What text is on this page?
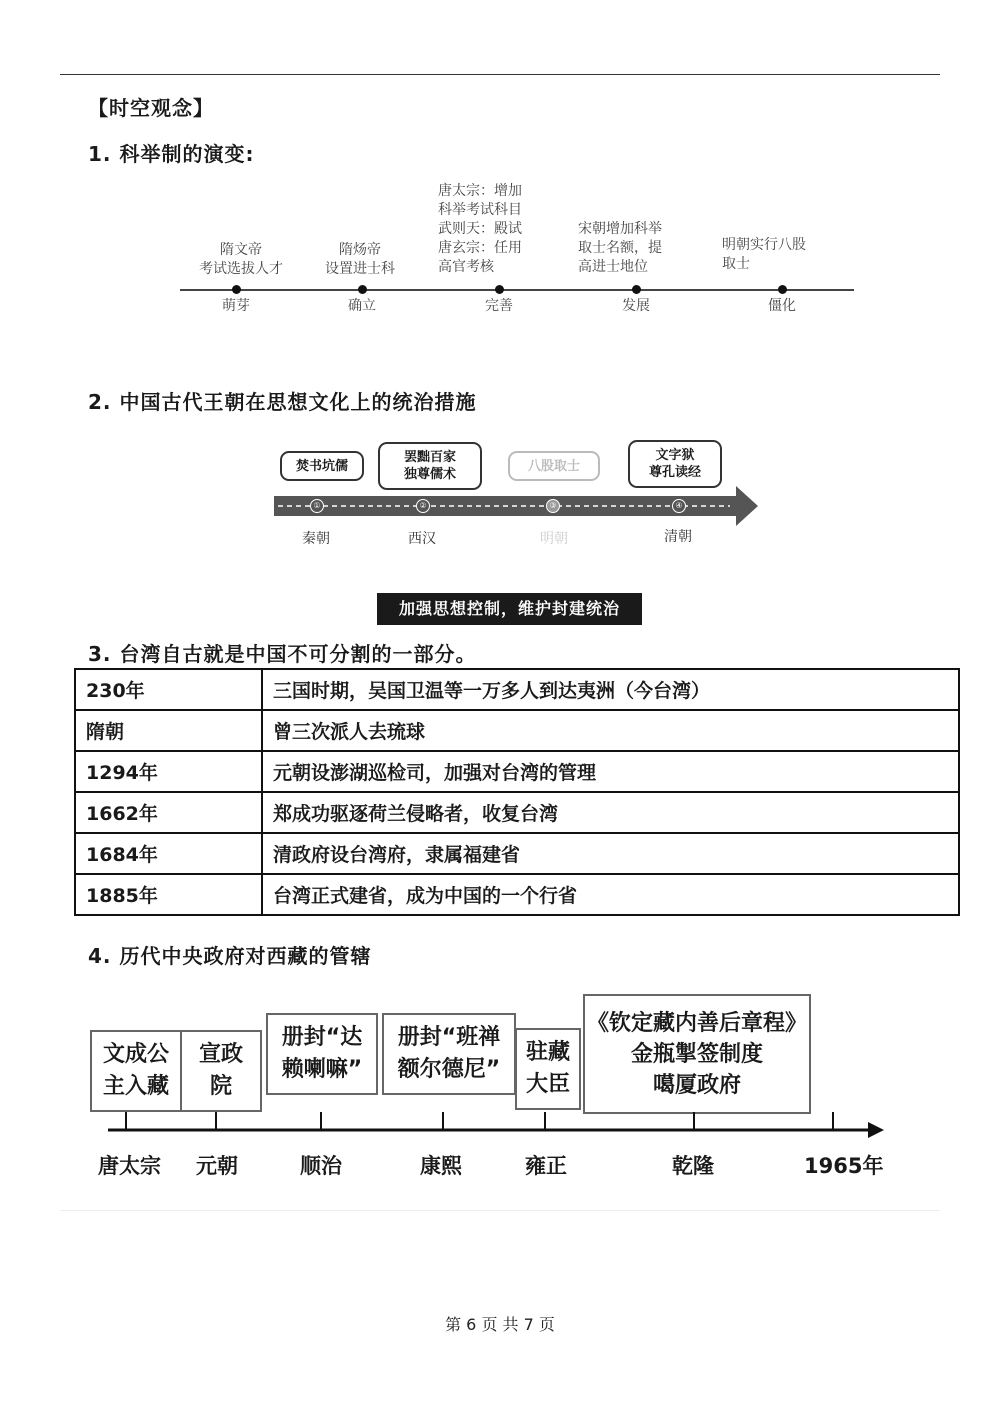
【时空观念】
1. 科举制的演变:
隋文帝
考试选拔人才
萌芽
隋炀帝
设置进士科
确立
唐太宗：增加
科举考试科目
武则天：殿试
唐玄宗：任用
高官考核
完善
宋朝增加科举
取士名额，提
高进士地位
发展
明朝实行八股
取士
僵化
2. 中国古代王朝在思想文化上的统治措施
焚书坑儒
罢黜百家
独尊儒术
八股取士
文字狱
尊孔读经
①	②	③	④
秦朝	西汉	明朝	清朝
加强思想控制，维护封建统治
3. 台湾自古就是中国不可分割的一部分。
230年	三国时期，吴国卫温等一万多人到达夷洲（今台湾）
隋朝	曾三次派人去琉球
1294年	元朝设澎湖巡检司，加强对台湾的管理
1662年	郑成功驱逐荷兰侵略者，收复台湾
1684年	清政府设台湾府，隶属福建省
1885年	台湾正式建省，成为中国的一个行省
4. 历代中央政府对西藏的管辖
文成公
主入藏
宣政
院
册封“达
赖喇嘛”
册封“班禅
额尔德尼”
驻藏
大臣
《钦定藏内善后章程》
金瓶掣签制度
噶厦政府
唐太宗 元朝	顺治	康熙	雍正	乾隆	1965年
第 6 页 共 7 页
